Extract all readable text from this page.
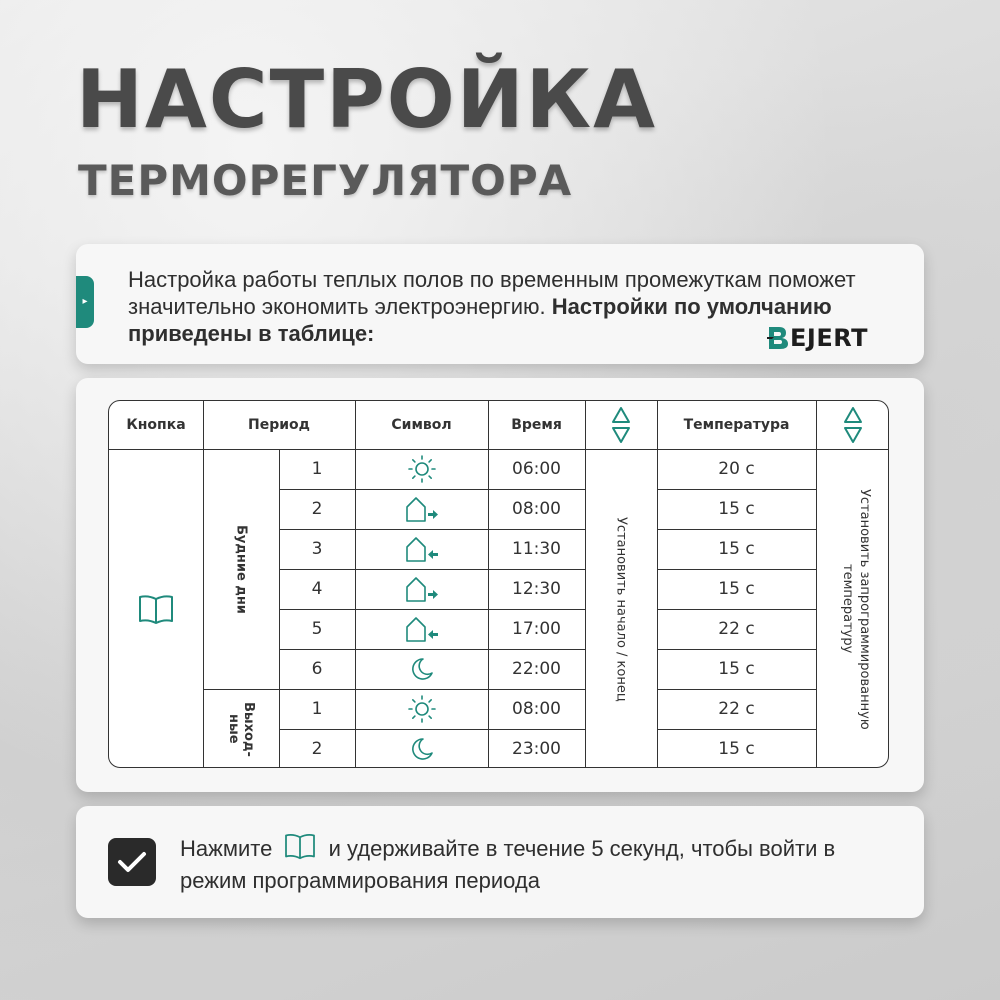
НАСТРОЙКА
ТЕРМОРЕГУЛЯТОРА
▸
Настройка работы теплых полов по временным промежуткам поможет значительно экономить электроэнергию. Настройки по умолчанию приведены в таблице:	EJERT
Кнопка	Период	Символ	Время	Температура
Будние дни
Выход-
ные
Установить начало / конец	Установить запрограммированную температуру
1	06:00	20 c
2	08:00	15 c
3	11:30	15 c
4	12:30	15 c
5	17:00	22 c
6	22:00	15 c
1	08:00	22 c
2	23:00	15 c
Нажмите	и удерживайте в течение 5 секунд, чтобы войти в режим программирования периода
